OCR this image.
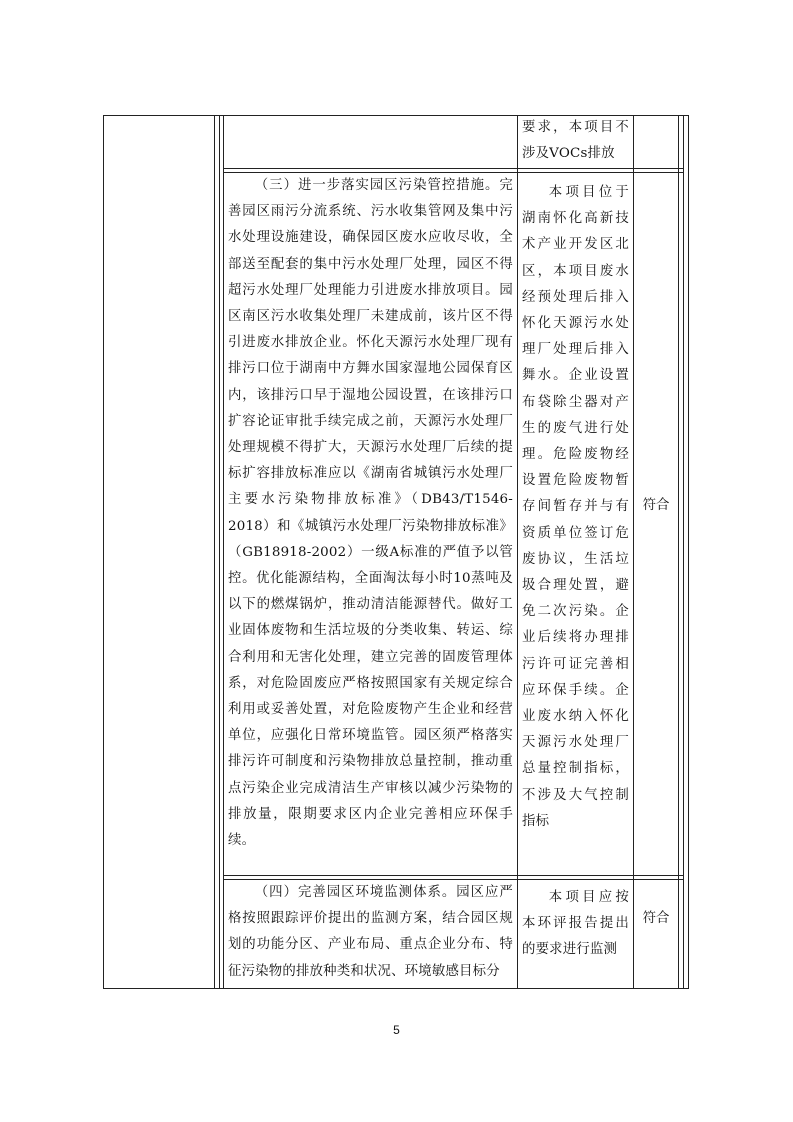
要求，本项目不涉及VOCs排放

（三）进一步落实园区污染管控措施。完善园区雨污分流系统、污水收集管网及集中污水处理设施建设，确保园区废水应收尽收，全部送至配套的集中污水处理厂处理，园区不得超污水处理厂处理能力引进废水排放项目。园区南区污水收集处理厂未建成前，该片区不得引进废水排放企业。怀化天源污水处理厂现有排污口位于湖南中方舞水国家湿地公园保育区内，该排污口早于湿地公园设置，在该排污口扩容论证审批手续完成之前，天源污水处理厂处理规模不得扩大，天源污水处理厂后续的提标扩容排放标准应以《湖南省城镇污水处理厂主要水污染物排放标准》（DB43/T1546-2018）和《城镇污水处理厂污染物排放标准》（GB18918-2002）一级A标准的严值予以管控。优化能源结构，全面淘汰每小时10蒸吨及以下的燃煤锅炉，推动清洁能源替代。做好工业固体废物和生活垃圾的分类收集、转运、综合利用和无害化处理，建立完善的固废管理体系，对危险固废应严格按照国家有关规定综合利用或妥善处置，对危险废物产生企业和经营单位，应强化日常环境监管。园区须严格落实排污许可制度和污染物排放总量控制，推动重点污染企业完成清洁生产审核以减少污染物的排放量，限期要求区内企业完善相应环保手续。

本项目位于湖南怀化高新技术产业开发区北区，本项目废水经预处理后排入怀化天源污水处理厂处理后排入舞水。企业设置布袋除尘器对产生的废气进行处理。危险废物经设置危险废物暂存间暂存并与有资质单位签订危废协议，生活垃圾合理处置，避免二次污染。企业后续将办理排污许可证完善相应环保手续。企业废水纳入怀化天源污水处理厂总量控制指标，不涉及大气控制指标

符合

（四）完善园区环境监测体系。园区应严格按照跟踪评价提出的监测方案，结合园区规划的功能分区、产业布局、重点企业分布、特征污染物的排放种类和状况、环境敏感目标分

本项目应按本环评报告提出的要求进行监测

符合
5
